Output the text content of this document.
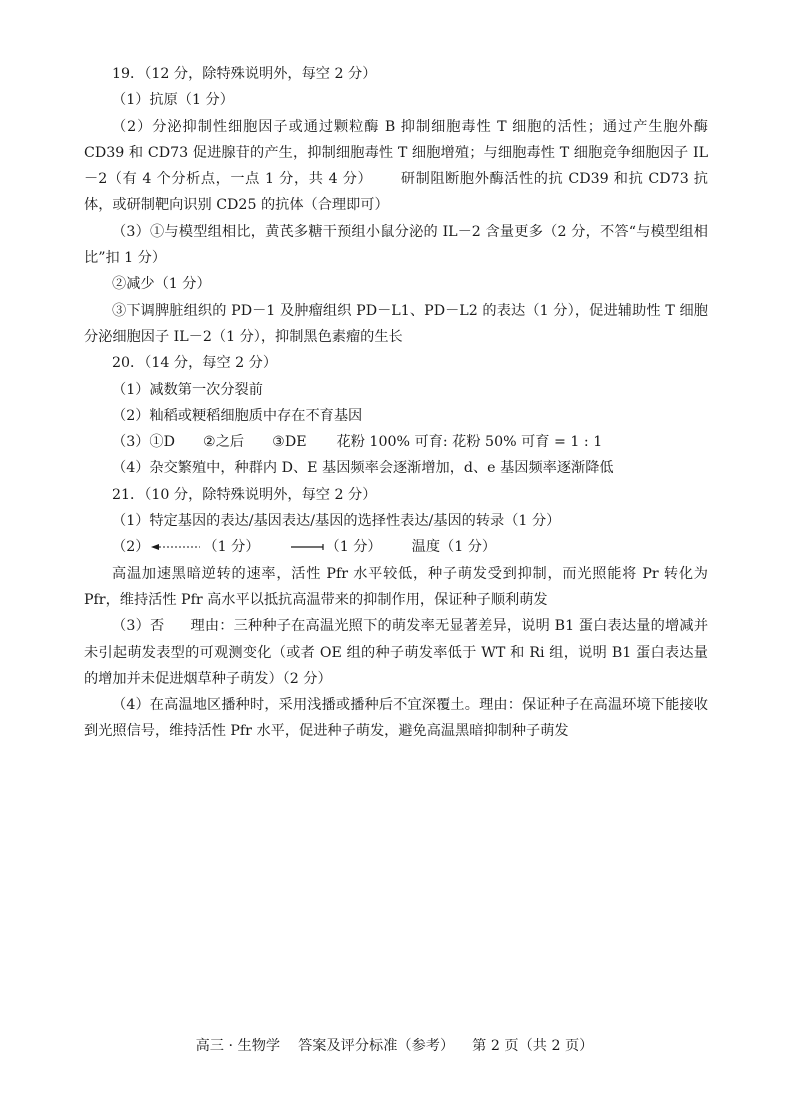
19．（12 分，除特殊说明外，每空 2 分）

（1）抗原（1 分）

（2）分泌抑制性细胞因子或通过颗粒酶 B 抑制细胞毒性 T 细胞的活性；通过产生胞外酶 CD39 和 CD73 促进腺苷的产生，抑制细胞毒性 T 细胞增殖；与细胞毒性 T 细胞竞争细胞因子 IL－2（有 4 个分析点，一点 1 分，共 4 分） 研制阻断胞外酶活性的抗 CD39 和抗 CD73 抗体，或研制靶向识别 CD25 的抗体（合理即可）

（3）①与模型组相比，黄芪多糖干预组小鼠分泌的 IL－2 含量更多（2 分，不答“与模型组相比”扣 1 分）

②减少（1 分）

③下调脾脏组织的 PD－1 及肿瘤组织 PD－L1、PD－L2 的表达（1 分），促进辅助性 T 细胞分泌细胞因子 IL－2（1 分），抑制黑色素瘤的生长

20．（14 分，每空 2 分）

（1）减数第一次分裂前

（2）籼稻或粳稻细胞质中存在不育基因

（3）①D ②之后 ③DE 花粉 100% 可育: 花粉 50% 可育 = 1 : 1

（4）杂交繁殖中，种群内 D、E 基因频率会逐渐增加，d、e 基因频率逐渐降低

21．（10 分，除特殊说明外，每空 2 分）

（1）特定基因的表达/基因表达/基因的选择性表达/基因的转录（1 分）

（2）	（1 分）	（1 分） 温度（1 分）

高温加速黑暗逆转的速率，活性 Pfr 水平较低，种子萌发受到抑制，而光照能将 Pr 转化为 Pfr，维持活性 Pfr 高水平以抵抗高温带来的抑制作用，保证种子顺利萌发

（3）否 理由：三种种子在高温光照下的萌发率无显著差异，说明 B1 蛋白表达量的增减并未引起萌发表型的可观测变化（或者 OE 组的种子萌发率低于 WT 和 Ri 组，说明 B1 蛋白表达量的增加并未促进烟草种子萌发）（2 分）

（4）在高温地区播种时，采用浅播或播种后不宜深覆土。理由：保证种子在高温环境下能接收到光照信号，维持活性 Pfr 水平，促进种子萌发，避免高温黑暗抑制种子萌发

高三 · 生物学 答案及评分标准（参考） 第 2 页（共 2 页）
